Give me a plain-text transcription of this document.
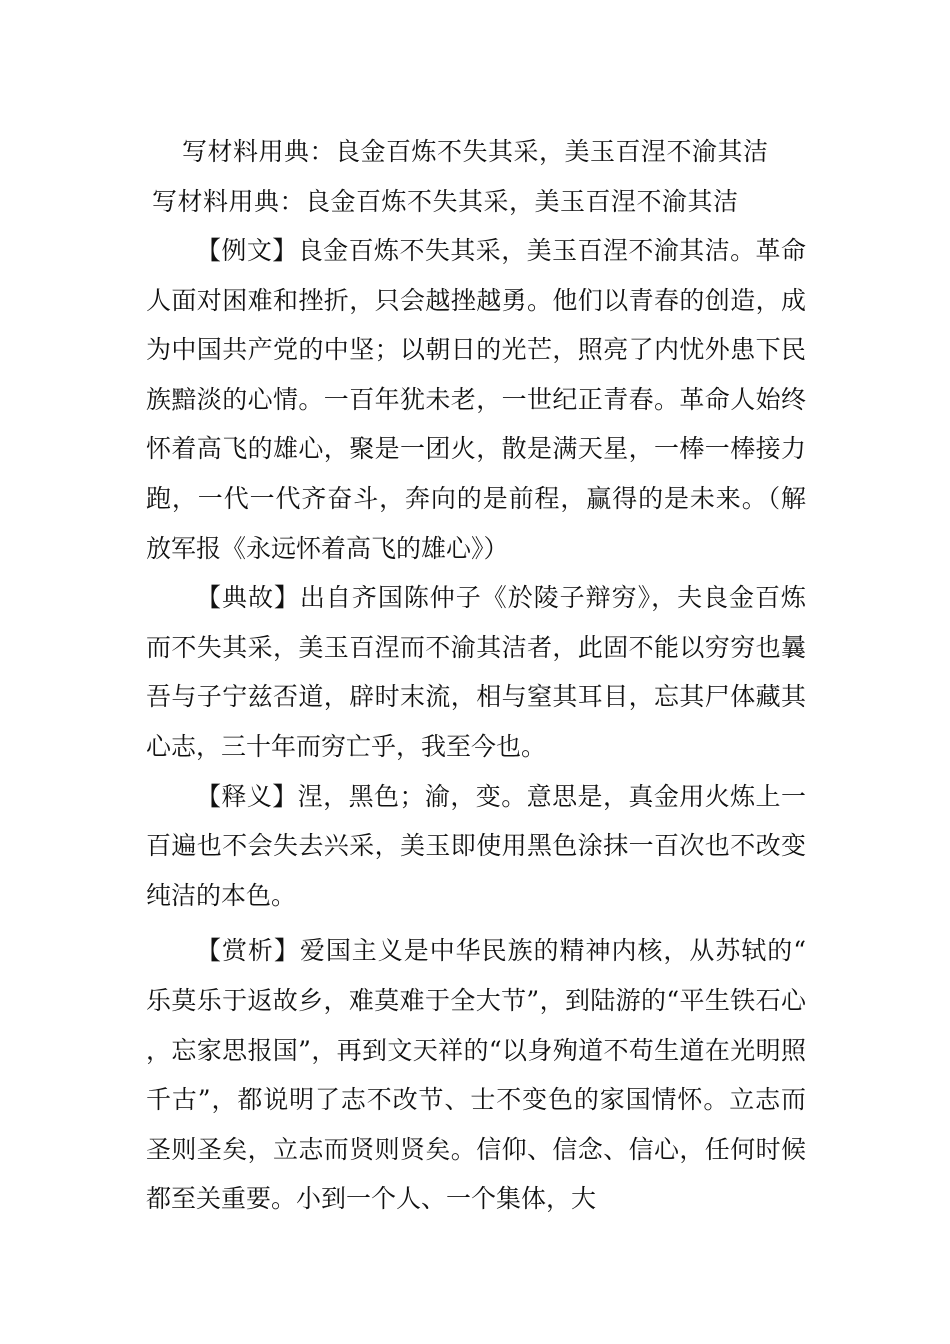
写材料用典：良金百炼不失其采，美玉百涅不渝其洁
写材料用典：良金百炼不失其采，美玉百涅不渝其洁

【例文】良金百炼不失其采，美玉百涅不渝其洁。革命人面对困难和挫折，只会越挫越勇。他们以青春的创造，成为中国共产党的中坚；以朝日的光芒，照亮了内忧外患下民族黯淡的心情。一百年犹未老，一世纪正青春。革命人始终怀着高飞的雄心，聚是一团火，散是满天星，一棒一棒接力跑，一代一代齐奋斗，奔向的是前程，赢得的是未来。（解放军报《永远怀着高飞的雄心》）

【典故】出自齐国陈仲子《於陵子辩穷》，夫良金百炼而不失其采，美玉百涅而不渝其洁者，此固不能以穷穷也曩吾与子宁兹否道，辟时末流，相与窒其耳目，忘其尸体藏其心志，三十年而穷亡乎，我至今也。

【释义】涅，黑色；渝，变。意思是，真金用火炼上一百遍也不会失去兴采，美玉即使用黑色涂抹一百次也不改变纯洁的本色。

【赏析】爱国主义是中华民族的精神内核，从苏轼的“乐莫乐于返故乡，难莫难于全大节”，到陆游的“平生铁石心，忘家思报国”，再到文天祥的“以身殉道不苟生道在光明照千古”，都说明了志不改节、士不变色的家国情怀。立志而圣则圣矣，立志而贤则贤矣。信仰、信念、信心，任何时候都至关重要。小到一个人、一个集体，大
